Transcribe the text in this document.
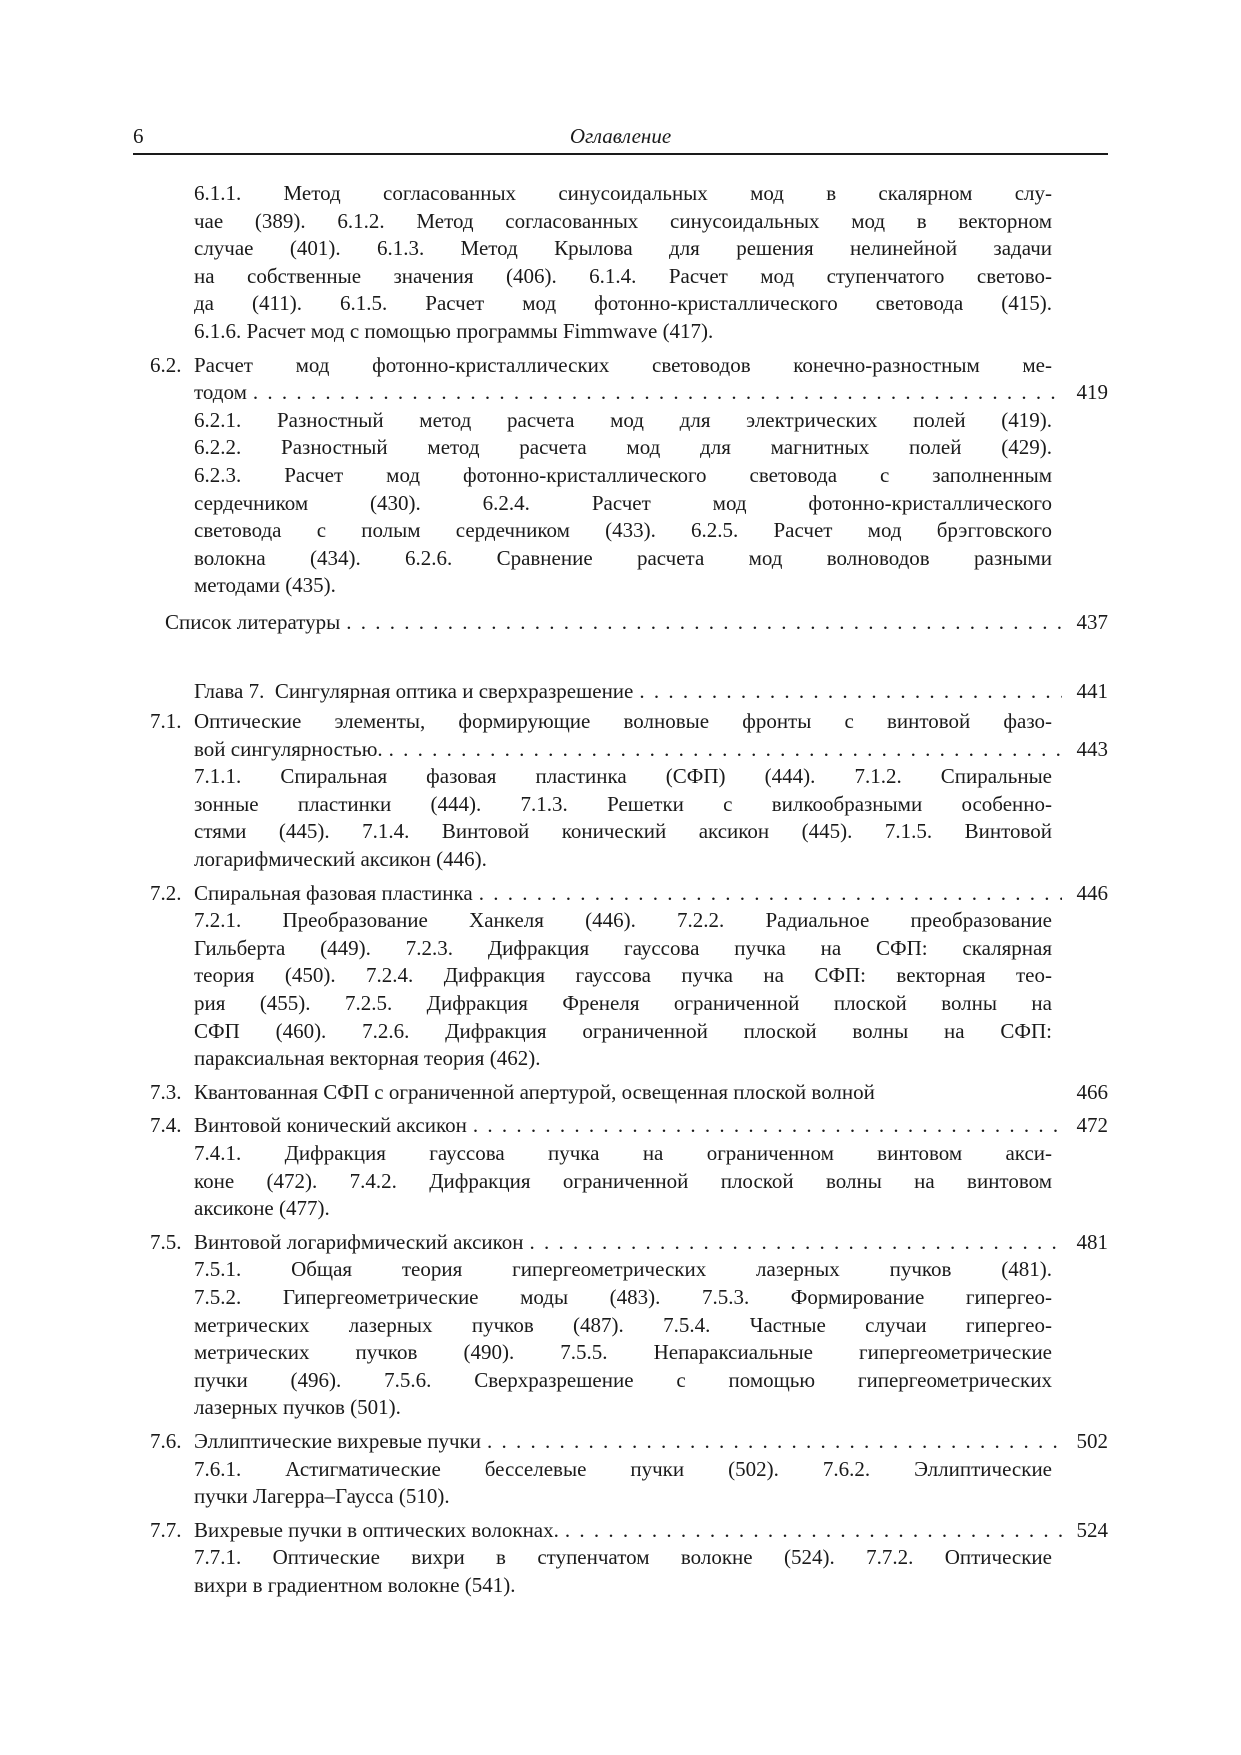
6	Оглавление
6.1.1. Метод согласованных синусоидальных мод в скалярном слу-
чае (389). 6.1.2. Метод согласованных синусоидальных мод в векторном
случае (401). 6.1.3. Метод Крылова для решения нелинейной задачи
на собственные значения (406). 6.1.4. Расчет мод ступенчатого светово-
да (411). 6.1.5. Расчет мод фотонно-кристаллического световода (415).
6.1.6. Расчет мод с помощью программы Fimmwave (417).
6.2. Расчет мод фотонно-кристаллических световодов конечно-разностным ме-
тодом . . .	419
6.2.1. Разностный метод расчета мод для электрических полей (419).
6.2.2. Разностный метод расчета мод для магнитных полей (429).
6.2.3. Расчет мод фотонно-кристаллического световода с заполненным
сердечником (430). 6.2.4. Расчет мод фотонно-кристаллического
световода с полым сердечником (433). 6.2.5. Расчет мод брэгговского
волокна (434). 6.2.6. Сравнение расчета мод волноводов разными
методами (435).
Список литературы . . .	437
Глава 7. Сингулярная оптика и сверхразрешение . . .	441
7.1. Оптические элементы, формирующие волновые фронты с винтовой фазо-
вой сингулярностью. . . .	443
7.1.1. Спиральная фазовая пластинка (СФП) (444). 7.1.2. Спиральные
зонные пластинки (444). 7.1.3. Решетки с вилкообразными особенно-
стями (445). 7.1.4. Винтовой конический аксикон (445). 7.1.5. Винтовой
логарифмический аксикон (446).
7.2. Спиральная фазовая пластинка . . .	446
7.2.1. Преобразование Ханкеля (446). 7.2.2. Радиальное преобразование
Гильберта (449). 7.2.3. Дифракция гауссова пучка на СФП: скалярная
теория (450). 7.2.4. Дифракция гауссова пучка на СФП: векторная тео-
рия (455). 7.2.5. Дифракция Френеля ограниченной плоской волны на
СФП (460). 7.2.6. Дифракция ограниченной плоской волны на СФП:
параксиальная векторная теория (462).
7.3. Квантованная СФП с ограниченной апертурой, освещенная плоской волной	466
7.4. Винтовой конический аксикон . . .	472
7.4.1. Дифракция гауссова пучка на ограниченном винтовом акси-
коне (472). 7.4.2. Дифракция ограниченной плоской волны на винтовом
аксиконе (477).
7.5. Винтовой логарифмический аксикон . . .	481
7.5.1. Общая теория гипергеометрических лазерных пучков (481).
7.5.2. Гипергеометрические моды (483). 7.5.3. Формирование гипергео-
метрических лазерных пучков (487). 7.5.4. Частные случаи гипергео-
метрических пучков (490). 7.5.5. Непараксиальные гипергеометрические
пучки (496). 7.5.6. Сверхразрешение с помощью гипергеометрических
лазерных пучков (501).
7.6. Эллиптические вихревые пучки . . .	502
7.6.1. Астигматические бесселевые пучки (502). 7.6.2. Эллиптические
пучки Лагерра–Гаусса (510).
7.7. Вихревые пучки в оптических волокнах. . . .	524
7.7.1. Оптические вихри в ступенчатом волокне (524). 7.7.2. Оптические
вихри в градиентном волокне (541).
